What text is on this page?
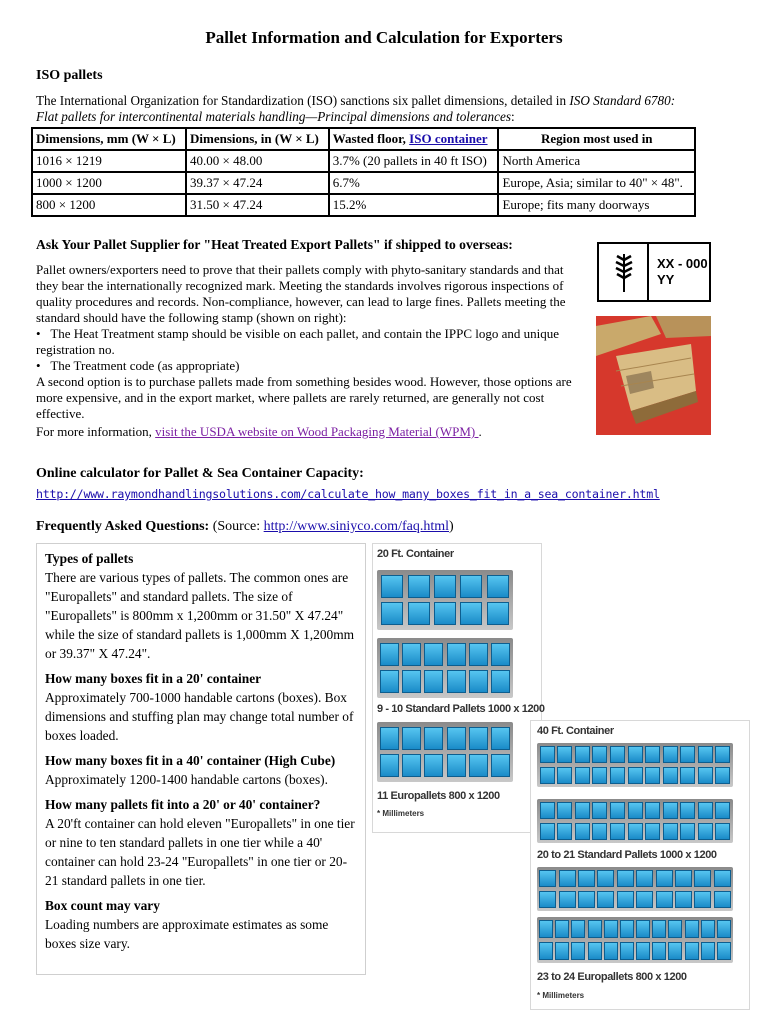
Pallet Information and Calculation for Exporters
ISO pallets
The International Organization for Standardization (ISO) sanctions six pallet dimensions, detailed in ISO Standard 6780:
Flat pallets for intercontinental materials handling—Principal dimensions and tolerances:
Dimensions, mm (W × L)	Dimensions, in (W × L)	Wasted floor, ISO container	Region most used in
1016 × 1219	40.00 × 48.00	3.7% (20 pallets in 40 ft ISO)	North America
1000 × 1200	39.37 × 47.24	6.7%	Europe, Asia; similar to 40" × 48".
800 × 1200	31.50 × 47.24	15.2%	Europe; fits many doorways
Ask Your Pallet Supplier for "Heat Treated Export Pallets" if shipped to overseas:
Pallet owners/exporters need to prove that their pallets comply with phyto-sanitary standards and that they bear the internationally recognized mark. Meeting the standards involves rigorous inspections of quality procedures and records. Non-compliance, however, can lead to large fines. Pallets meeting the standard should have the following stamp (shown on right):
•   The Heat Treatment stamp should be visible on each pallet, and contain the IPPC logo and unique registration no.
•   The Treatment code (as appropriate)
A second option is to purchase pallets made from something besides wood. However, those options are more expensive, and in the export market, where pallets are rarely returned, are generally not cost effective.
For more information, visit the USDA website on Wood Packaging Material (WPM) .
XX - 000
YY
Online calculator for Pallet & Sea Container Capacity:
http://www.raymondhandlingsolutions.com/calculate_how_many_boxes_fit_in_a_sea_container.html
Frequently Asked Questions: (Source: http://www.siniyco.com/faq.html)
Types of pallets
There are various types of pallets. The common ones are "Europallets" and standard pallets. The size of "Europallets" is 800mm x 1,200mm or 31.50" X 47.24" while the size of standard pallets is 1,000mm X 1,200mm or 39.37" X 47.24".
How many boxes fit in a 20' container
Approximately 700-1000 handable cartons (boxes). Box dimensions and stuffing plan may change total number of boxes loaded.
How many boxes fit in a 40' container (High Cube)
Approximately 1200-1400 handable cartons (boxes).
How many pallets fit into a 20' or 40' container?
A 20'ft container can hold eleven "Europallets" in one tier or nine to ten standard pallets in one tier while a 40' container can hold 23-24 "Europallets" in one tier or 20-21 standard pallets in one tier.
Box count may vary
Loading numbers are approximate estimates as some boxes size vary.
20 Ft. Container
9 - 10 Standard Pallets 1000 x 1200
11 Europallets 800 x 1200
* Millimeters
40 Ft. Container
20 to 21 Standard Pallets 1000 x 1200
23 to 24 Europallets 800 x 1200
* Millimeters
